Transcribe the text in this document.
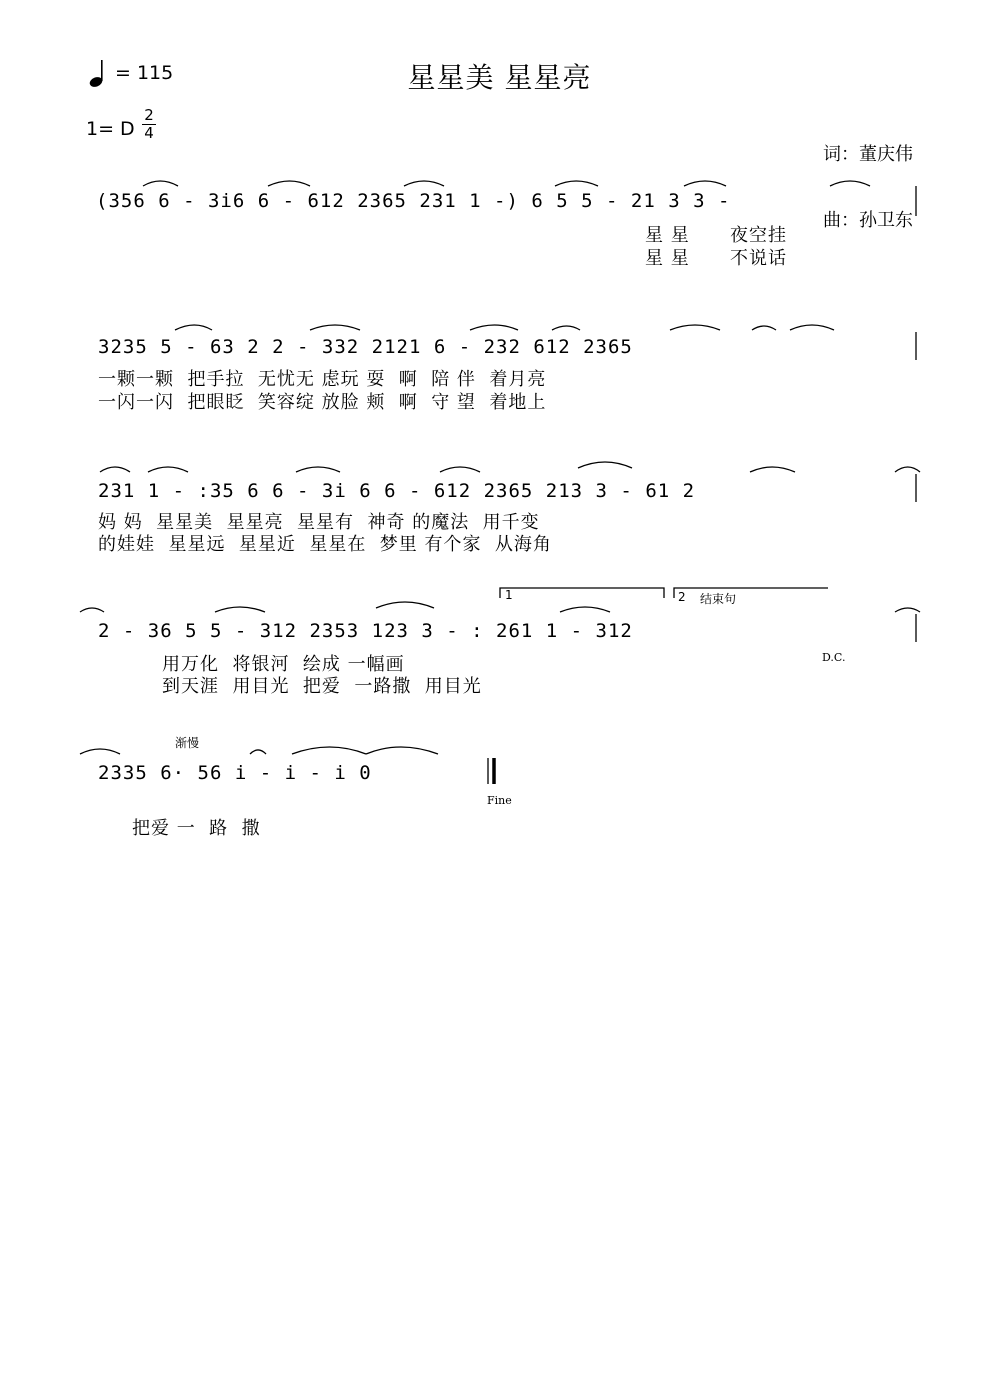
星星美 星星亮
= 115
1= D
2
4

词：董庆伟

曲：孙卫东

(356 6 - 3i6 6 - 612 2365 231 1 -) 6 5 5 - 21 3 3 -
星 星      夜空挂
星 星      不说话
3235 5 - 63 2 2 - 332 2121 6 - 232 612 2365
一颗一颗  把手拉  无忧无 虑玩 耍  啊  陪 伴  着月亮
一闪一闪  把眼眨  笑容绽 放脸 颊  啊  守 望  着地上
231 1 - :35 6 6 - 3i 6 6 - 612 2365 213 3 - 61 2
妈 妈  星星美  星星亮  星星有  神奇 的魔法  用千变
的娃娃  星星远  星星近  星星在  梦里 有个家  从海角
1	2 结束句
2 - 36 5 5 - 312 2353 123 3 - : 261 1 - 312
用万化  将银河  绘成 一幅画	D.C.
到天涯  用目光  把爱  一路撒  用目光
渐慢
2335 6· 56 i - i - i 0
Fine
把爱 一  路  撒
